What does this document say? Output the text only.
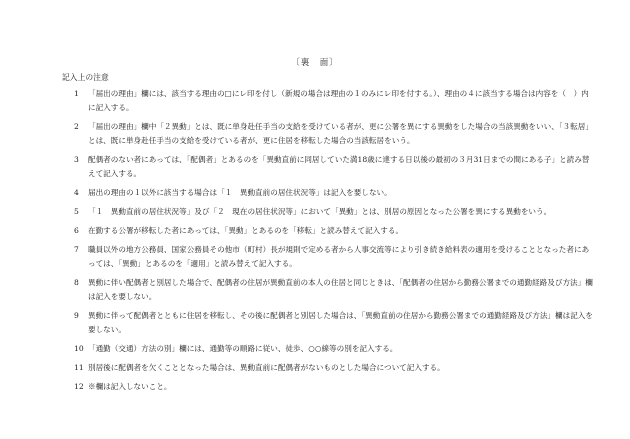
〔裏　面〕
記入上の注意
1	「届出の理由」欄には、該当する理由の□にレ印を付し（新規の場合は理由の１のみにレ印を付する。）、理由の４に該当する場合は内容を（　）内に記入する。
2	「届出の理由」欄中「２異動」とは、既に単身赴任手当の支給を受けている者が、更に公署を異にする異動をした場合の当該異動をいい、「３転居」とは、既に単身赴任手当の支給を受けている者が、更に住居を移転した場合の当該転居をいう。
3	配偶者のない者にあっては、「配偶者」とあるのを「異動直前に同居していた満18歳に達する日以後の最初の３月31日までの間にある子」と読み替えて記入する。
4	届出の理由の１以外に該当する場合は「１　異動直前の居住状況等」は記入を要しない。
5	「１　異動直前の居住状況等」及び「２　現在の居住状況等」において「異動」とは、別居の原因となった公署を異にする異動をいう。
6	在勤する公署が移転した者にあっては、「異動」とあるのを「移転」と読み替えて記入する。
7	職員以外の地方公務員、国家公務員その他市（町村）長が規則で定める者から人事交流等により引き続き給料表の適用を受けることとなった者にあっては、「異動」とあるのを「適用」と読み替えて記入する。
8	異動に伴い配偶者と別居した場合で、配偶者の住居が異動直前の本人の住居と同じときは、「配偶者の住居から勤務公署までの通勤経路及び方法」欄は記入を要しない。
9	異動に伴って配偶者とともに住居を移転し、その後に配偶者と別居した場合は、「異動直前の住居から勤務公署までの通勤経路及び方法」欄は記入を要しない。
10 「通勤（交通）方法の別」欄には、通勤等の順路に従い、徒歩、○○線等の別を記入する。
11 別居後に配偶者を欠くこととなった場合は、異動直前に配偶者がないものとした場合について記入する。
12 ※欄は記入しないこと。
